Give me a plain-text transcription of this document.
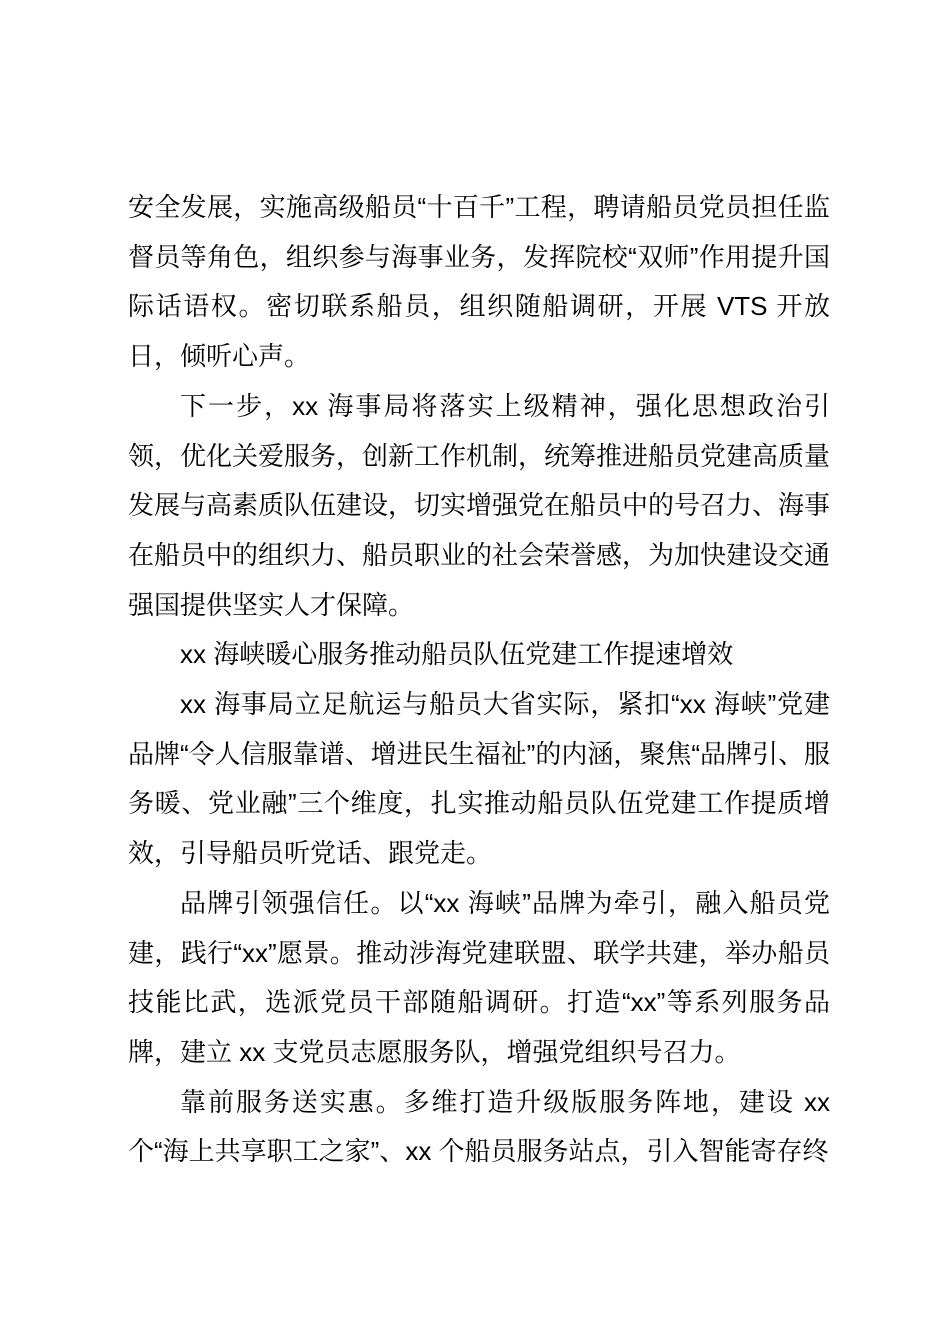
安全发展，实施高级船员“十百千”工程，聘请船员党员担任监督员等角色，组织参与海事业务，发挥院校“双师”作用提升国际话语权。密切联系船员，组织随船调研，开展 VTS 开放日，倾听心声。

下一步，xx 海事局将落实上级精神，强化思想政治引领，优化关爱服务，创新工作机制，统筹推进船员党建高质量发展与高素质队伍建设，切实增强党在船员中的号召力、海事在船员中的组织力、船员职业的社会荣誉感，为加快建设交通强国提供坚实人才保障。

xx 海峡暖心服务推动船员队伍党建工作提速增效

xx 海事局立足航运与船员大省实际，紧扣“xx 海峡”党建品牌“令人信服靠谱、增进民生福祉”的内涵，聚焦“品牌引、服务暖、党业融”三个维度，扎实推动船员队伍党建工作提质增效，引导船员听党话、跟党走。

品牌引领强信任。以“xx 海峡”品牌为牵引，融入船员党建，践行“xx”愿景。推动涉海党建联盟、联学共建，举办船员技能比武，选派党员干部随船调研。打造“xx”等系列服务品牌，建立 xx 支党员志愿服务队，增强党组织号召力。

靠前服务送实惠。多维打造升级版服务阵地，建设 xx 个“海上共享职工之家”、xx 个船员服务站点，引入智能寄存终
